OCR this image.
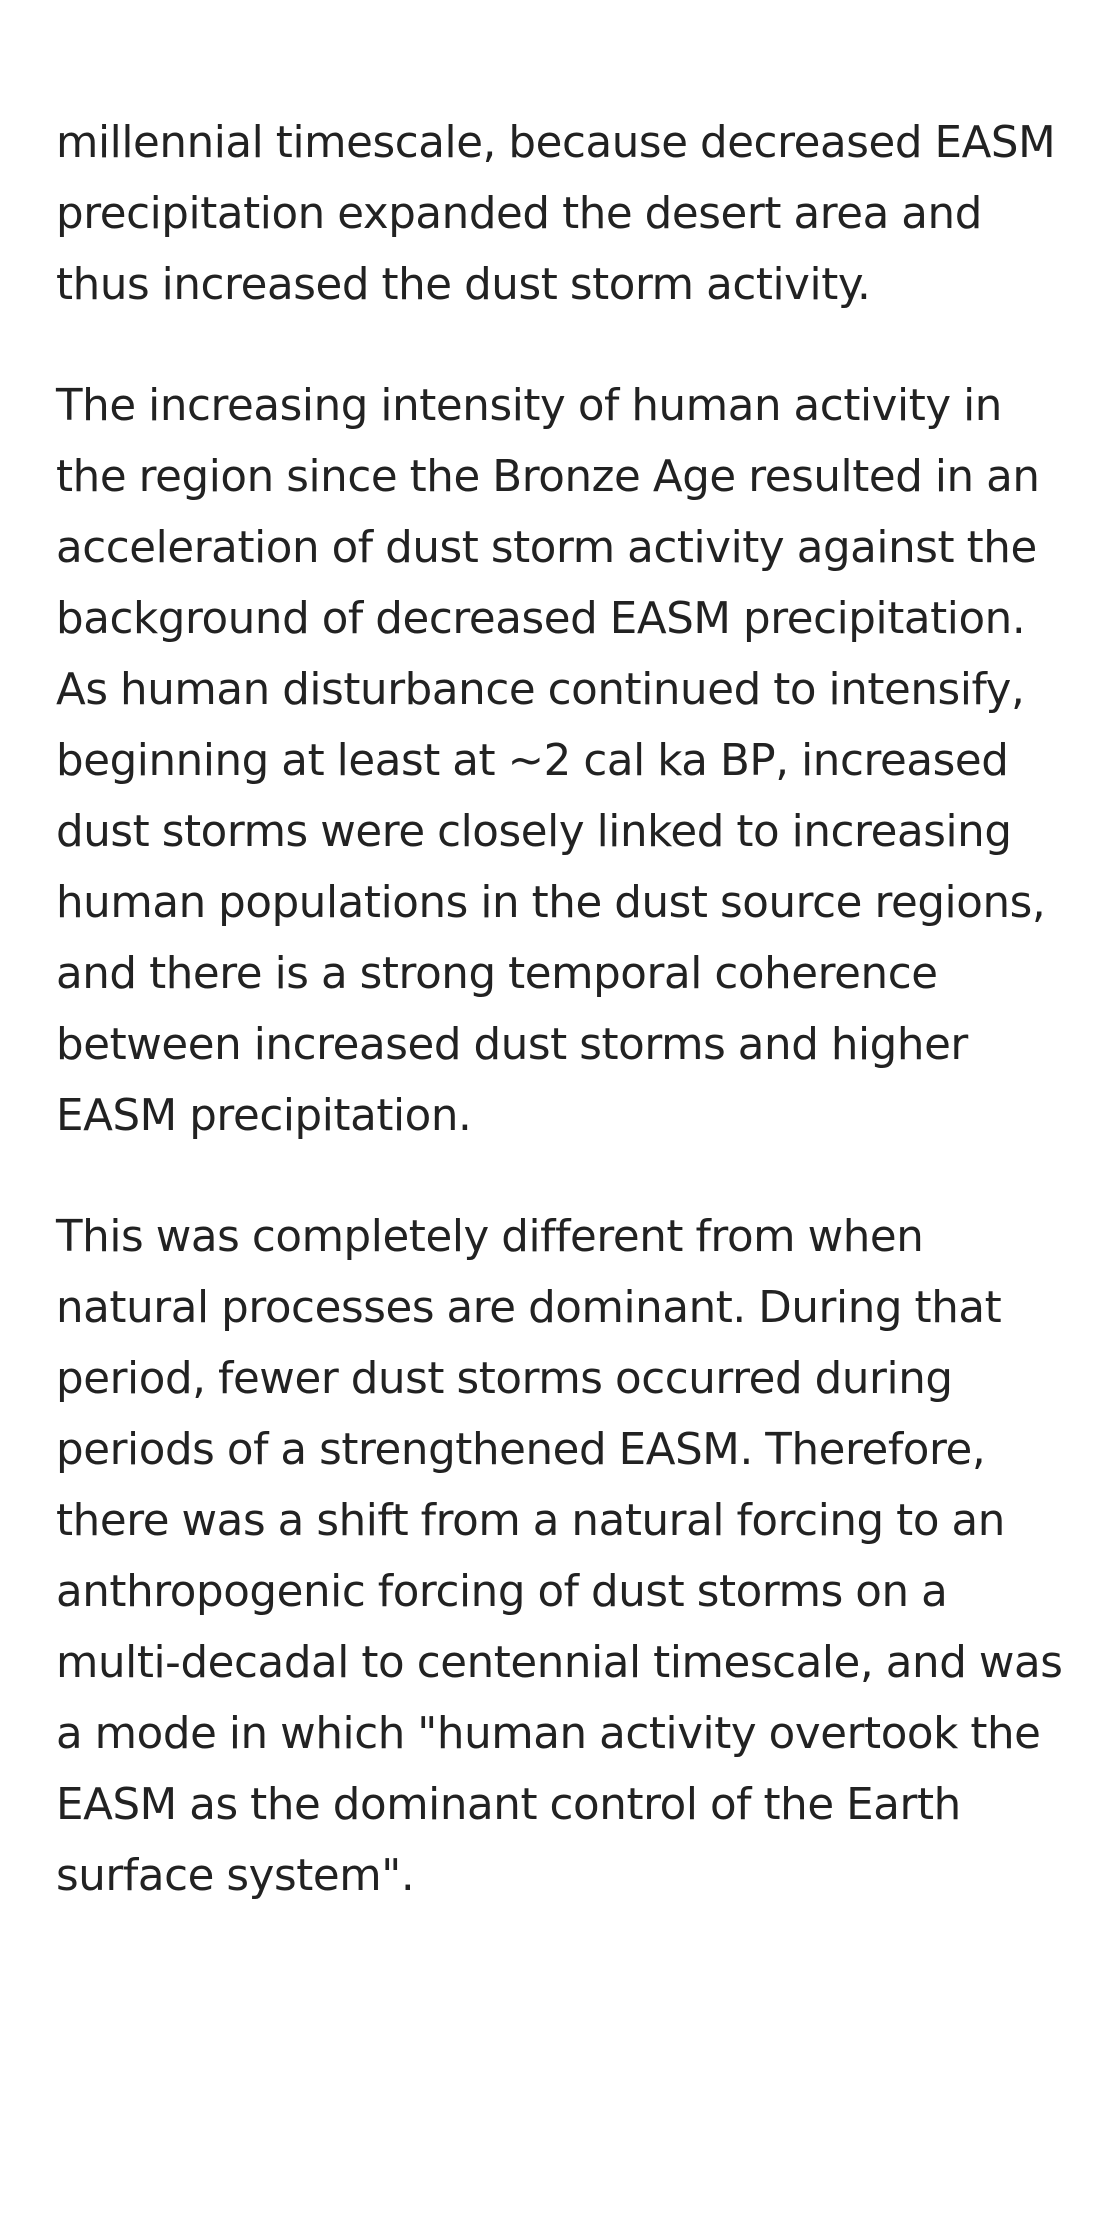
millennial timescale, because decreased EASM
precipitation expanded the desert area and
thus increased the dust storm activity.

The increasing intensity of human activity in
the region since the Bronze Age resulted in an
acceleration of dust storm activity against the
background of decreased EASM precipitation.
As human disturbance continued to intensify,
beginning at least at ~2 cal ka BP, increased
dust storms were closely linked to increasing
human populations in the dust source regions,
and there is a strong temporal coherence
between increased dust storms and higher
EASM precipitation.

This was completely different from when
natural processes are dominant. During that
period, fewer dust storms occurred during
periods of a strengthened EASM. Therefore,
there was a shift from a natural forcing to an
anthropogenic forcing of dust storms on a
multi-decadal to centennial timescale, and was
a mode in which "human activity overtook the
EASM as the dominant control of the Earth
surface system".
